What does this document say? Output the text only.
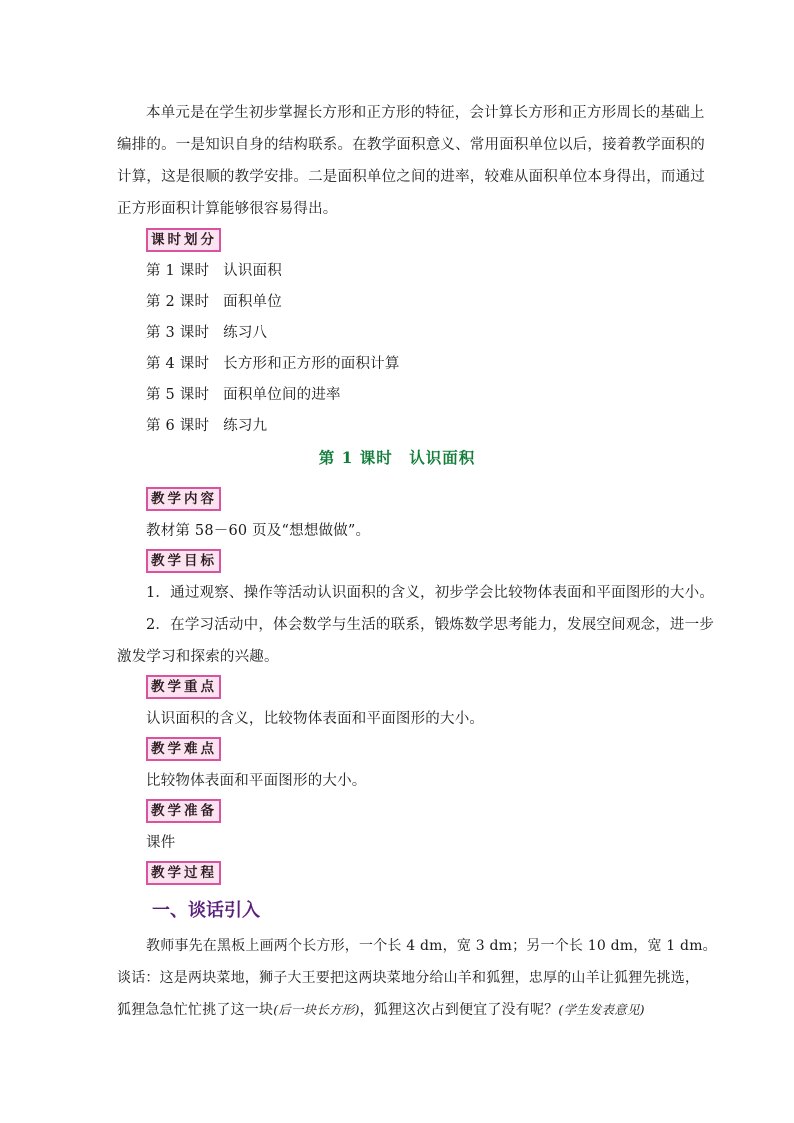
本单元是在学生初步掌握长方形和正方形的特征，会计算长方形和正方形周长的基础上
编排的。一是知识自身的结构联系。在教学面积意义、常用面积单位以后，接着教学面积的
计算，这是很顺的教学安排。二是面积单位之间的进率，较难从面积单位本身得出，而通过
正方形面积计算能够很容易得出。
课时划分
第 1 课时 认识面积
第 2 课时 面积单位
第 3 课时 练习八
第 4 课时 长方形和正方形的面积计算
第 5 课时 面积单位间的进率
第 6 课时 练习九
第 1 课时　认识面积
教学内容
教材第 58－60 页及“想想做做”。
教学目标
1．通过观察、操作等活动认识面积的含义，初步学会比较物体表面和平面图形的大小。
2．在学习活动中，体会数学与生活的联系，锻炼数学思考能力，发展空间观念，进一步
激发学习和探索的兴趣。
教学重点
认识面积的含义，比较物体表面和平面图形的大小。
教学难点
比较物体表面和平面图形的大小。
教学准备
课件
教学过程
一、谈话引入
教师事先在黑板上画两个长方形，一个长 4 dm，宽 3 dm；另一个长 10 dm，宽 1 dm。
谈话：这是两块菜地，狮子大王要把这两块菜地分给山羊和狐狸，忠厚的山羊让狐狸先挑选，
狐狸急急忙忙挑了这一块(后一块长方形)，狐狸这次占到便宜了没有呢？(学生发表意见)
